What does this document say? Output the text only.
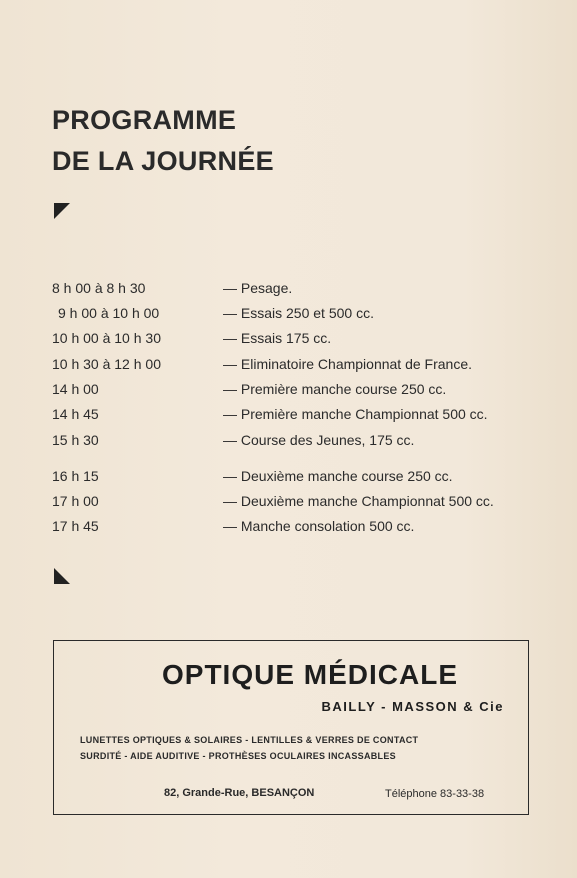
PROGRAMME
DE LA JOURNÉE
8 h 00 à 8 h 30	— Pesage.
9 h 00 à 10 h 00	— Essais 250 et 500 cc.
10 h 00 à 10 h 30	— Essais 175 cc.
10 h 30 à 12 h 00	— Eliminatoire Championnat de France.
14 h 00	— Première manche course 250 cc.
14 h 45	— Première manche Championnat 500 cc.
15 h 30	— Course des Jeunes, 175 cc.
16 h 15	— Deuxième manche course 250 cc.
17 h 00	— Deuxième manche Championnat 500 cc.
17 h 45	— Manche consolation 500 cc.
OPTIQUE MÉDICALE
BAILLY - MASSON & Cie
LUNETTES OPTIQUES & SOLAIRES - LENTILLES & VERRES DE CONTACT
SURDITÉ - AIDE AUDITIVE - PROTHÈSES OCULAIRES INCASSABLES
82, Grande-Rue, BESANÇON	Téléphone 83-33-38
